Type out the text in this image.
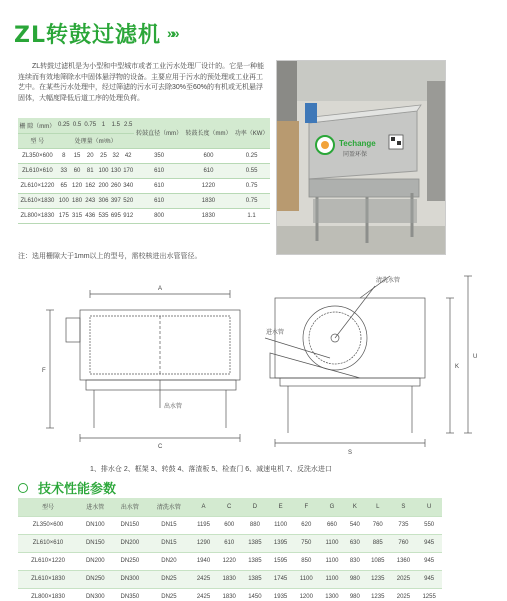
ZL转鼓过滤机 »»

ZL转鼓过滤机是为小型和中型城市或者工业污水处理厂设计的。它是一种能连续而有效地筛除水中固体悬浮物的设备。主要应用于污水的预处理或工业再工艺中。在某些污水处理中，经过筛滤的污水可去除30%至60%的有机或无机悬浮固体，大幅度降低后道工序的处理负荷。

Techange
同盈环保
栅 隙（mm）	0.25	0.5	0.75	1	1.5	2.5	转鼓直径（mm）	转鼓长度（mm）	功率（KW）
型 号	处理量（m³/h）								
ZL350×600	8	15	20	25	32	42	350	600	0.25
ZL610×610	33	60	81	100	130	170	610	610	0.55
ZL610×1220	65	120	162	200	260	340	610	1220	0.75
ZL610×1830	100	180	243	306	397	520	610	1830	0.75
ZL800×1830	175	315	436	535	695	912	800	1830	1.1

注：选用栅隙大于1mm以上的型号，需校核进出水管管径。

A
C
F
S
K
U
进水管
出水管
清洗水管

1、排水仓 2、框架 3、转鼓 4、落渣板 5、检查门 6、减速电机 7、反洗水进口

技术性能参数
型号	进水管	出水管	清洗水管	A	C	D	E	F	G	K	L	S	U
ZL350×600	DN100	DN150	DN15	1195	600	880	1100	620	660	540	760	735	550
ZL610×610	DN150	DN200	DN15	1290	610	1385	1395	750	1100	630	885	760	945
ZL610×1220	DN200	DN250	DN20	1940	1220	1385	1595	850	1100	830	1085	1360	945
ZL610×1830	DN250	DN300	DN25	2425	1830	1385	1745	1100	1100	980	1235	2025	945
ZL800×1830	DN300	DN350	DN25	2425	1830	1450	1935	1200	1300	980	1235	2025	1255
